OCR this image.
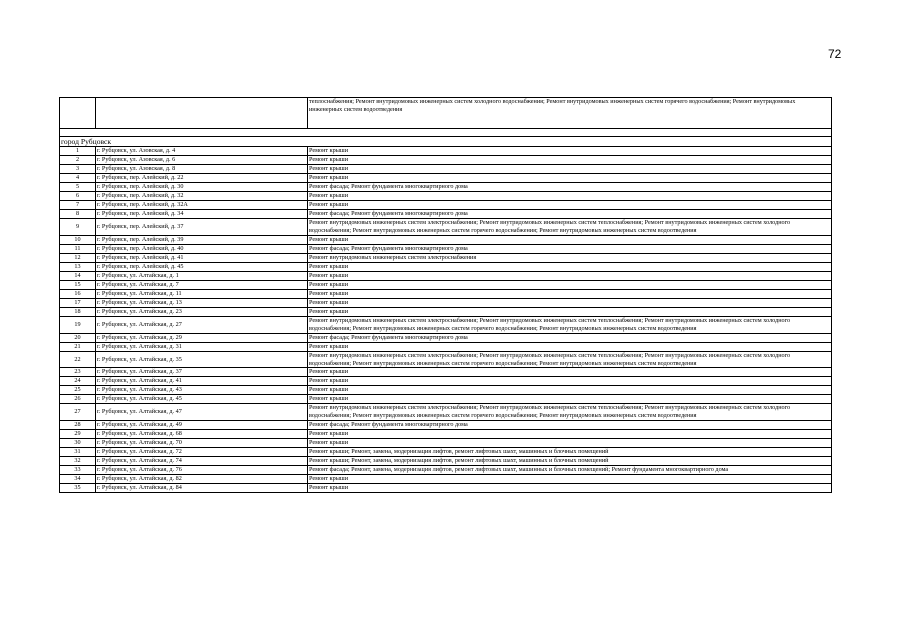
72
		теплоснабжения; Ремонт внутридомовых инженерных систем холодного водоснабжения; Ремонт внутридомовых инженерных систем горячего водоснабжения; Ремонт внутридомовых инженерных систем водоотведения

город Рубцовск		
1	г. Рубцовск, ул. Азовская, д. 4	Ремонт крыши
2	г. Рубцовск, ул. Азовская, д. 6	Ремонт крыши
3	г. Рубцовск, ул. Азовская, д. 8	Ремонт крыши
4	г. Рубцовск, пер. Алейский, д. 22	Ремонт крыши
5	г. Рубцовск, пер. Алейский, д. 30	Ремонт фасада; Ремонт фундамента многоквартирного дома
6	г. Рубцовск, пер. Алейский, д. 32	Ремонт крыши
7	г. Рубцовск, пер. Алейский, д. 32А	Ремонт крыши
8	г. Рубцовск, пер. Алейский, д. 34	Ремонт фасада; Ремонт фундамента многоквартирного дома
9	г. Рубцовск, пер. Алейский, д. 37	Ремонт внутридомовых инженерных систем электроснабжения; Ремонт внутридомовых инженерных систем теплоснабжения; Ремонт внутридомовых инженерных систем холодного водоснабжения; Ремонт внутридомовых инженерных систем горячего водоснабжения; Ремонт внутридомовых инженерных систем водоотведения
10	г. Рубцовск, пер. Алейский, д. 39	Ремонт крыши
11	г. Рубцовск, пер. Алейский, д. 40	Ремонт фасада; Ремонт фундамента многоквартирного дома
12	г. Рубцовск, пер. Алейский, д. 41	Ремонт внутридомовых инженерных систем электроснабжения
13	г. Рубцовск, пер. Алейский, д. 45	Ремонт крыши
14	г. Рубцовск, ул. Алтайская, д. 1	Ремонт крыши
15	г. Рубцовск, ул. Алтайская, д. 7	Ремонт крыши
16	г. Рубцовск, ул. Алтайская, д. 11	Ремонт крыши
17	г. Рубцовск, ул. Алтайская, д. 13	Ремонт крыши
18	г. Рубцовск, ул. Алтайская, д. 23	Ремонт крыши
19	г. Рубцовск, ул. Алтайская, д. 27	Ремонт внутридомовых инженерных систем электроснабжения; Ремонт внутридомовых инженерных систем теплоснабжения; Ремонт внутридомовых инженерных систем холодного водоснабжения; Ремонт внутридомовых инженерных систем горячего водоснабжения; Ремонт внутридомовых инженерных систем водоотведения
20	г. Рубцовск, ул. Алтайская, д. 29	Ремонт фасада; Ремонт фундамента многоквартирного дома
21	г. Рубцовск, ул. Алтайская, д. 31	Ремонт крыши
22	г. Рубцовск, ул. Алтайская, д. 35	Ремонт внутридомовых инженерных систем электроснабжения; Ремонт внутридомовых инженерных систем теплоснабжения; Ремонт внутридомовых инженерных систем холодного водоснабжения; Ремонт внутридомовых инженерных систем горячего водоснабжения; Ремонт внутридомовых инженерных систем водоотведения
23	г. Рубцовск, ул. Алтайская, д. 37	Ремонт крыши
24	г. Рубцовск, ул. Алтайская, д. 41	Ремонт крыши
25	г. Рубцовск, ул. Алтайская, д. 43	Ремонт крыши
26	г. Рубцовск, ул. Алтайская, д. 45	Ремонт крыши
27	г. Рубцовск, ул. Алтайская, д. 47	Ремонт внутридомовых инженерных систем электроснабжения; Ремонт внутридомовых инженерных систем теплоснабжения; Ремонт внутридомовых инженерных систем холодного водоснабжения; Ремонт внутридомовых инженерных систем горячего водоснабжения; Ремонт внутридомовых инженерных систем водоотведения
28	г. Рубцовск, ул. Алтайская, д. 49	Ремонт фасада; Ремонт фундамента многоквартирного дома
29	г. Рубцовск, ул. Алтайская, д. 68	Ремонт крыши
30	г. Рубцовск, ул. Алтайская, д. 70	Ремонт крыши
31	г. Рубцовск, ул. Алтайская, д. 72	Ремонт крыши; Ремонт, замена, модернизация лифтов, ремонт лифтовых шахт, машинных и блочных помещений
32	г. Рубцовск, ул. Алтайская, д. 74	Ремонт крыши; Ремонт, замена, модернизация лифтов, ремонт лифтовых шахт, машинных и блочных помещений
33	г. Рубцовск, ул. Алтайская, д. 76	Ремонт фасада; Ремонт, замена, модернизация лифтов, ремонт лифтовых шахт, машинных и блочных помещений; Ремонт фундамента многоквартирного дома
34	г. Рубцовск, ул. Алтайская, д. 82	Ремонт крыши
35	г. Рубцовск, ул. Алтайская, д. 84	Ремонт крыши
